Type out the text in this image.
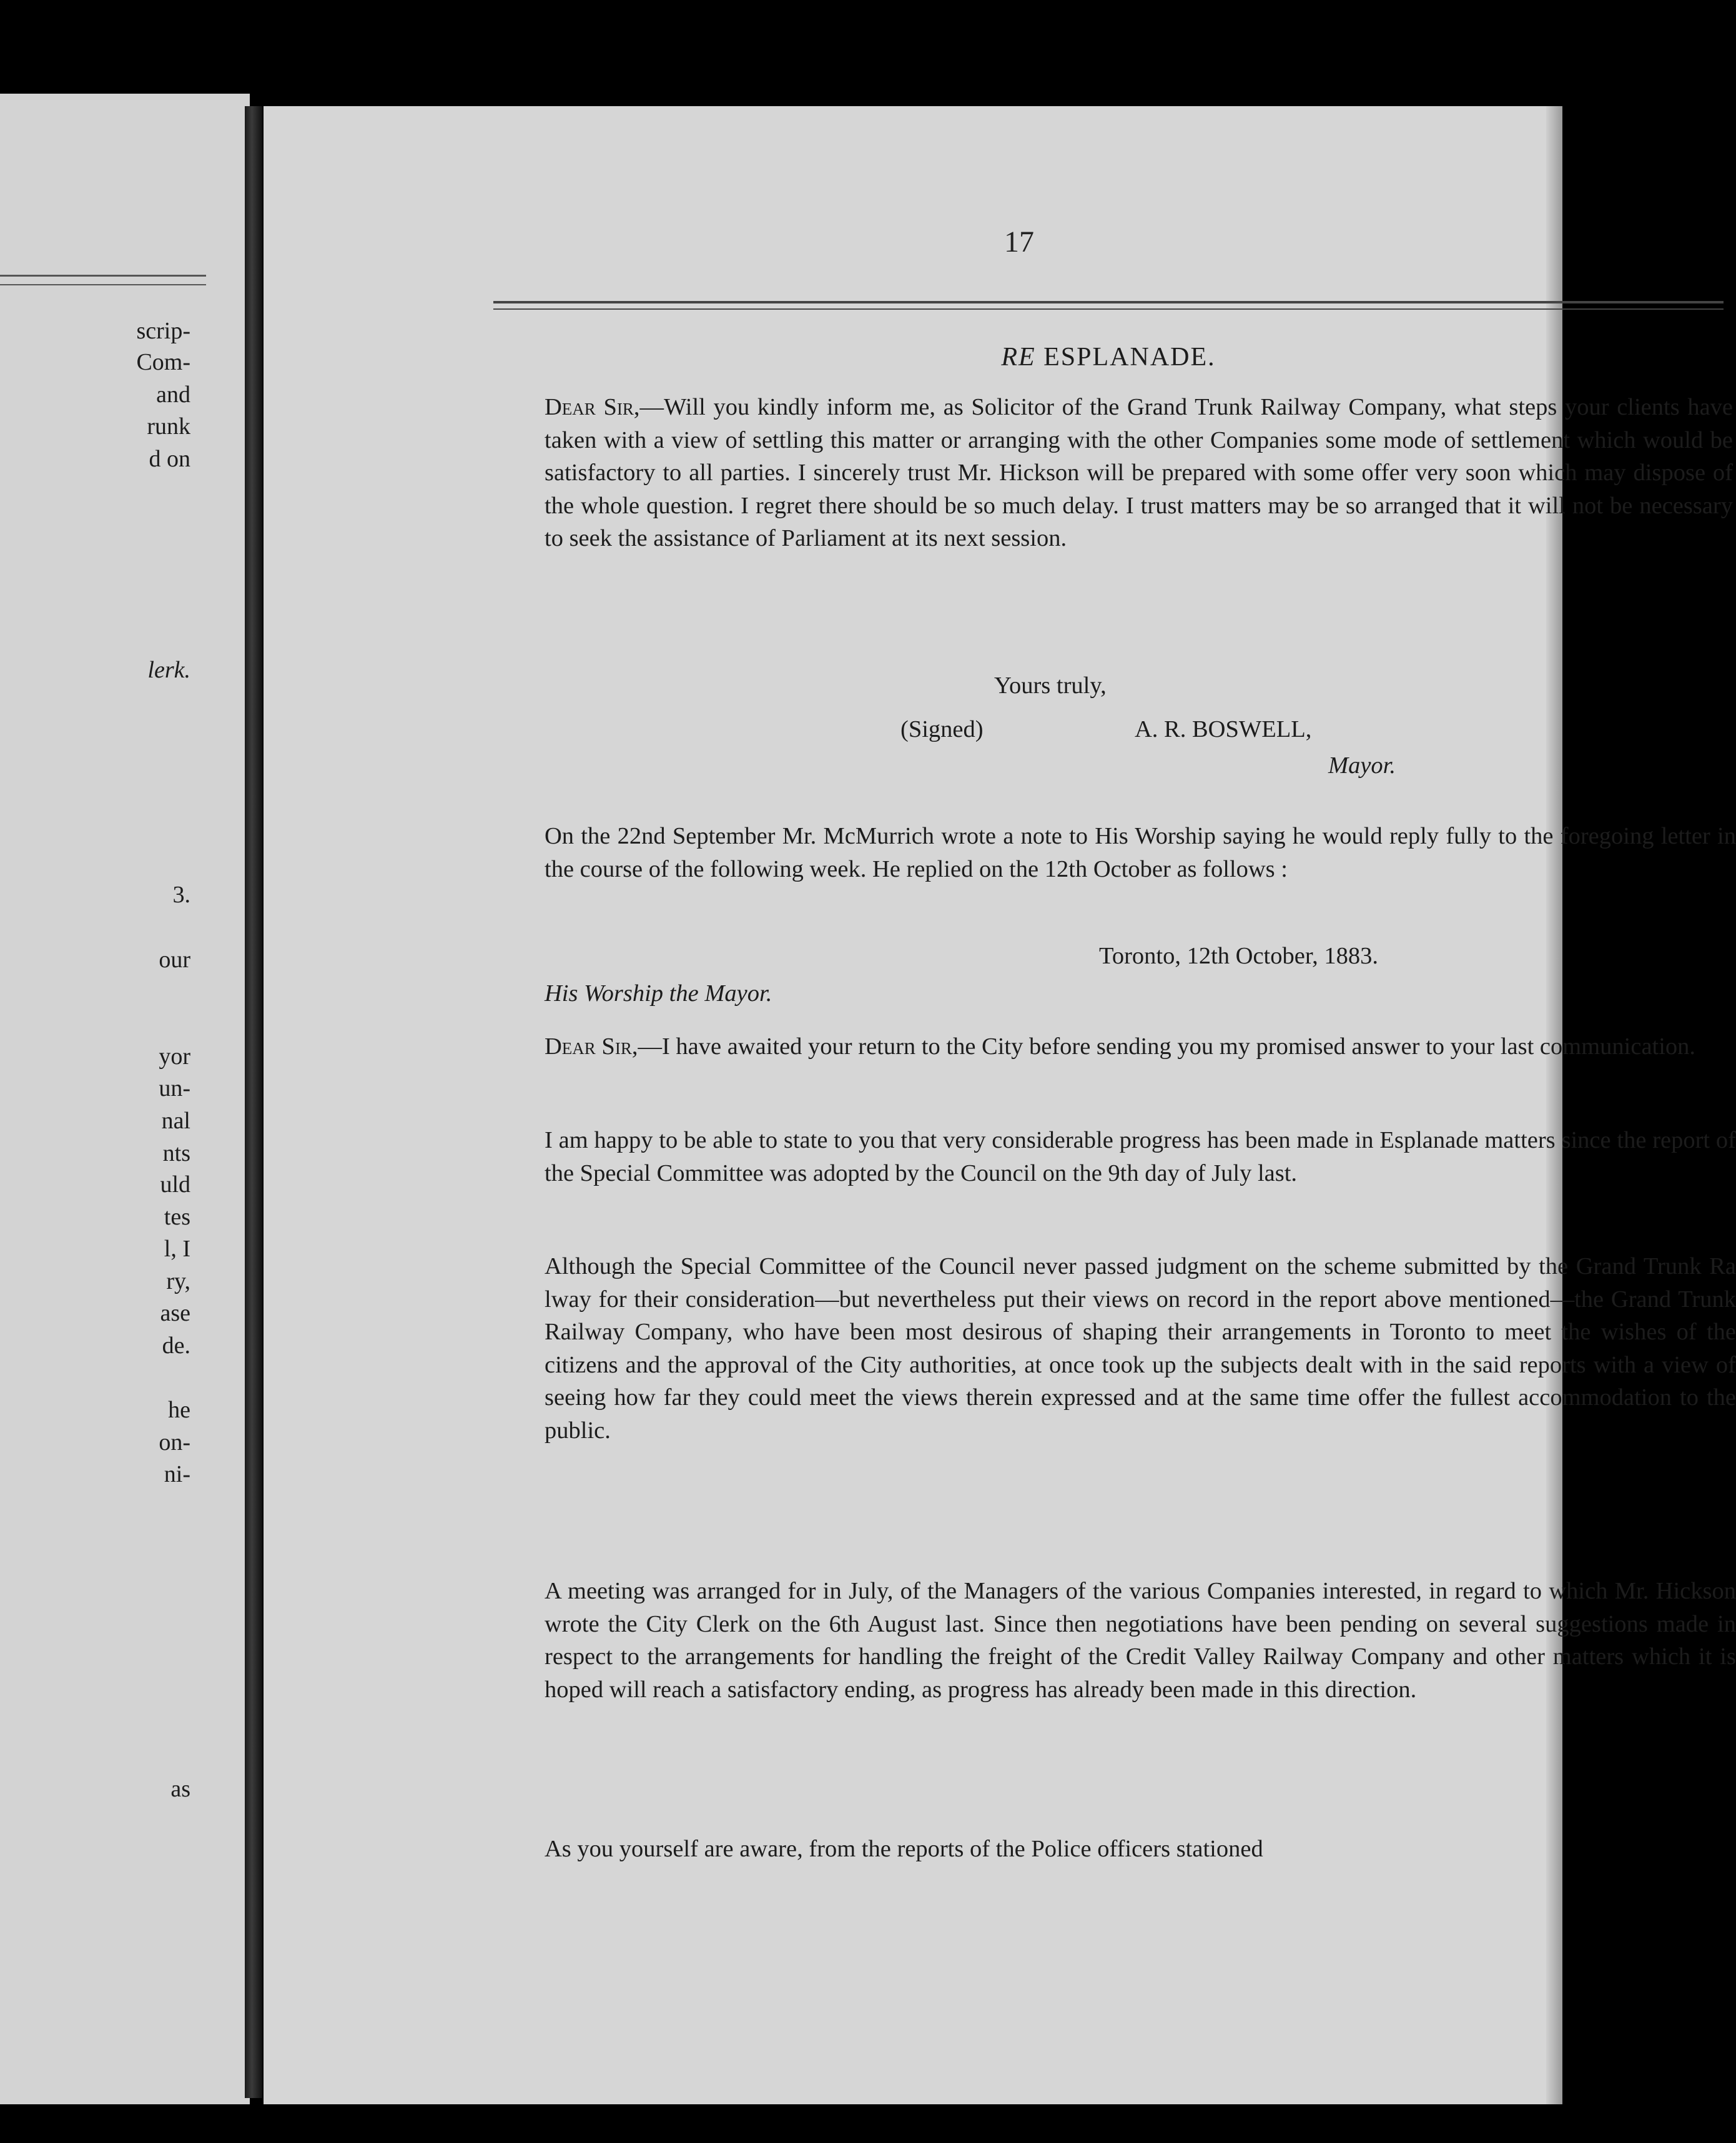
scrip-
Com-
and
runk
d on
lerk.
3.
our
yor
un-
nal
nts
uld
tes
l, I
ry,
ase
de.
he
on-
ni-
as
17
RE ESPLANADE.
Dear Sir,—Will you kindly inform me, as Solicitor of the Grand Trunk Railway Company, what steps your clients have taken with a view of settling this matter or arranging with the other Companies some mode of settlement which would be satisfactory to all parties. I sincerely trust Mr. Hickson will be prepared with some offer very soon which may dispose of the whole question. I regret there should be so much delay. I trust matters may be so arranged that it will not be necessary to seek the assistance of Parliament at its next session.
Yours truly,
(Signed)	A. R. BOSWELL,
Mayor.
On the 22nd September Mr. McMurrich wrote a note to His Worship saying he would reply fully to the foregoing letter in the course of the following week. He replied on the 12th October as follows :
Toronto, 12th October, 1883.
His Worship the Mayor.
Dear Sir,—I have awaited your return to the City before sending you my promised answer to your last communication.
I am happy to be able to state to you that very considerable progress has been made in Esplanade matters since the report of the Special Committee was adopted by the Council on the 9th day of July last.
Although the Special Committee of the Council never passed judgment on the scheme submitted by the Grand Trunk Ra lway for their consideration—but nevertheless put their views on record in the report above mentioned—the Grand Trunk Railway Company, who have been most desirous of shaping their arrangements in Toronto to meet the wishes of the citizens and the approval of the City authorities, at once took up the subjects dealt with in the said reports with a view of seeing how far they could meet the views therein expressed and at the same time offer the fullest accommodation to the public.
A meeting was arranged for in July, of the Managers of the various Companies interested, in regard to which Mr. Hickson wrote the City Clerk on the 6th August last. Since then negotiations have been pending on several suggestions made in respect to the arrangements for handling the freight of the Credit Valley Railway Company and other matters which it is hoped will reach a satisfactory ending, as progress has already been made in this direction.
As you yourself are aware, from the reports of the Police officers stationed
